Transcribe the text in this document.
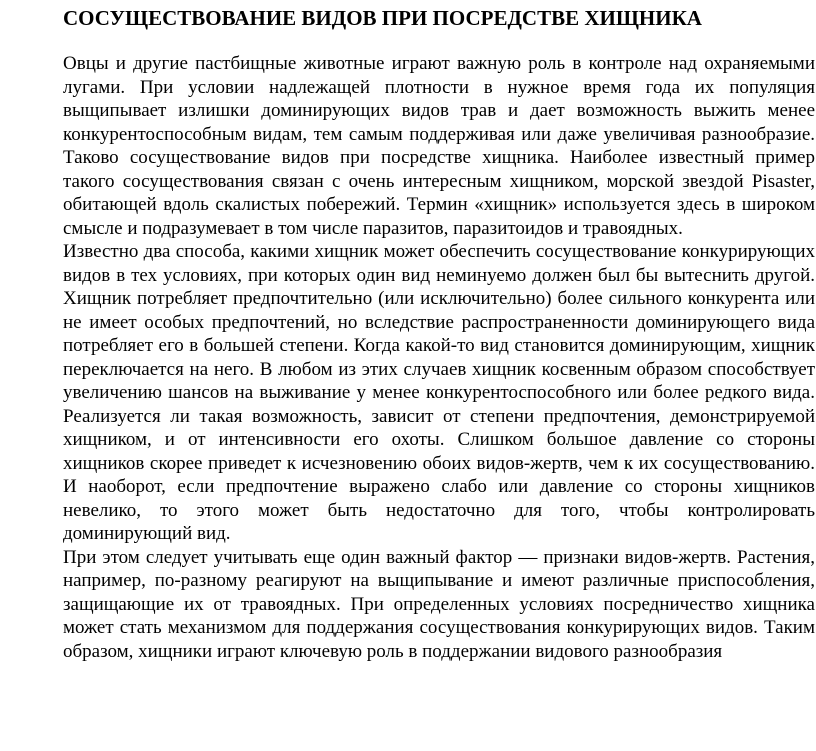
СОСУЩЕСТВОВАНИЕ ВИДОВ ПРИ ПОСРЕДСТВЕ ХИЩНИКА

Овцы и другие пастбищные животные играют важную роль в контроле над охраняемыми лугами. При условии надлежащей плотности в нужное время года их популяция выщипывает излишки доминирующих видов трав и дает возможность выжить менее конкурентоспособным видам, тем самым поддерживая или даже увеличивая разнообразие. Таково сосуществование видов при посредстве хищника. Наиболее известный пример такого сосуществования связан с очень интересным хищником, морской звездой Pisaster, обитающей вдоль скалистых побережий. Термин «хищник» используется здесь в широком смысле и подразумевает в том числе паразитов, паразитоидов и травоядных.

Известно два способа, какими хищник может обеспечить сосуществование конкурирующих видов в тех условиях, при которых один вид неминуемо должен был бы вытеснить другой. Хищник потребляет предпочтительно (или исключительно) более сильного конкурента или не имеет особых предпочтений, но вследствие распространенности доминирующего вида потребляет его в большей степени. Когда какой-то вид становится доминирующим, хищник переключается на него. В любом из этих случаев хищник косвенным образом способствует увеличению шансов на выживание у менее конкурентоспособного или более редкого вида. Реализуется ли такая возможность, зависит от степени предпочтения, демонстрируемой хищником, и от интенсивности его охоты. Слишком большое давление со стороны хищников скорее приведет к исчезновению обоих видов-жертв, чем к их сосуществованию. И наоборот, если предпочтение выражено слабо или давление со стороны хищников невелико, то этого может быть недостаточно для того, чтобы контролировать доминирующий вид.

При этом следует учитывать еще один важный фактор — признаки видов-жертв. Растения, например, по-разному реагируют на выщипывание и имеют различные приспособления, защищающие их от травоядных. При определенных условиях посредничество хищника может стать механизмом для поддержания сосуществования конкурирующих видов. Таким образом, хищники играют ключевую роль в поддержании видового разнообразия
